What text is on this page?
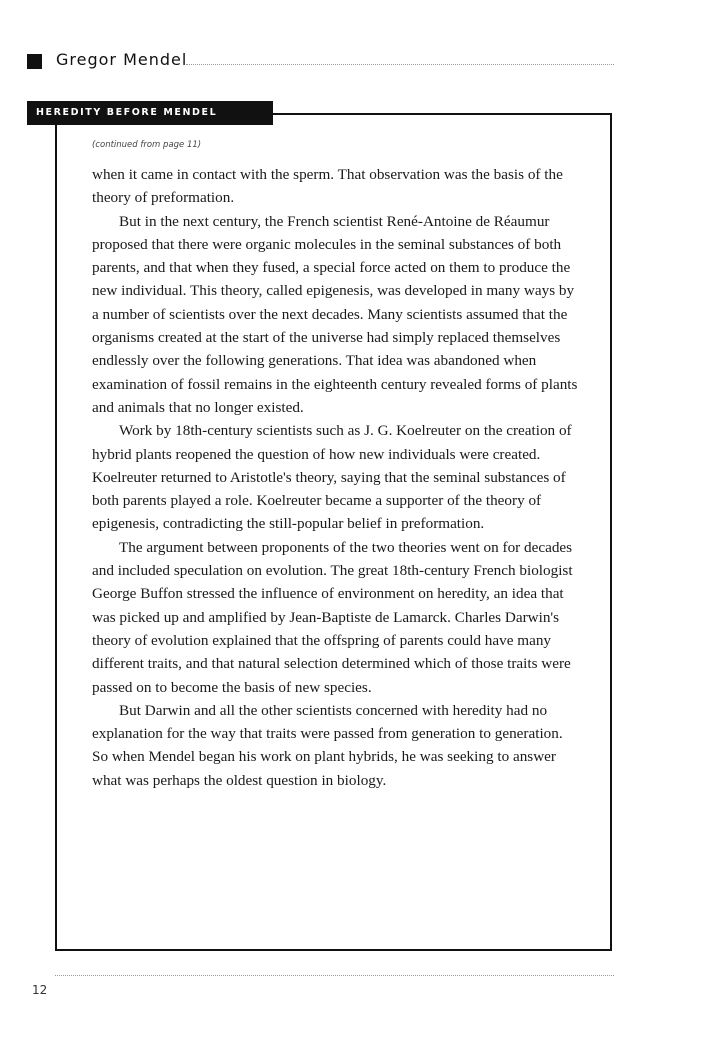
Gregor Mendel
HEREDITY BEFORE MENDEL
(continued from page 11)

when it came in contact with the sperm. That observation was the basis of the theory of preformation.

But in the next century, the French scientist René-Antoine de Réaumur proposed that there were organic molecules in the seminal substances of both parents, and that when they fused, a special force acted on them to produce the new individual. This theory, called epigenesis, was developed in many ways by a number of scientists over the next decades. Many scientists assumed that the organisms created at the start of the universe had simply replaced themselves endlessly over the following generations. That idea was abandoned when examination of fossil remains in the eighteenth century revealed forms of plants and animals that no longer existed.

Work by 18th-century scientists such as J. G. Koelreuter on the creation of hybrid plants reopened the question of how new individuals were created. Koelreuter returned to Aristotle's theory, saying that the seminal substances of both parents played a role. Koelreuter became a supporter of the theory of epigenesis, contradicting the still-popular belief in preformation.

The argument between proponents of the two theories went on for decades and included speculation on evolution. The great 18th-century French biologist George Buffon stressed the influence of environment on heredity, an idea that was picked up and amplified by Jean-Baptiste de Lamarck. Charles Darwin's theory of evolution explained that the offspring of parents could have many different traits, and that natural selection determined which of those traits were passed on to become the basis of new species.

But Darwin and all the other scientists concerned with heredity had no explanation for the way that traits were passed from generation to generation. So when Mendel began his work on plant hybrids, he was seeking to answer what was perhaps the oldest question in biology.

12
